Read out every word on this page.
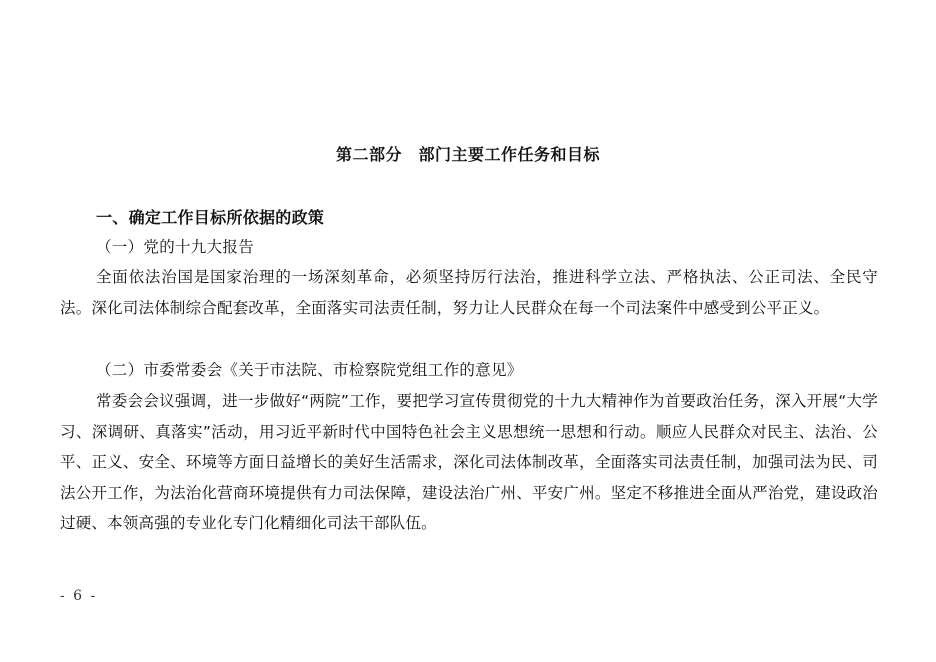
第二部分　部门主要工作任务和目标
一、确定工作目标所依据的政策
（一）党的十九大报告

全面依法治国是国家治理的一场深刻革命，必须坚持厉行法治，推进科学立法、严格执法、公正司法、全民守法。深化司法体制综合配套改革，全面落实司法责任制，努力让人民群众在每一个司法案件中感受到公平正义。

（二）市委常委会《关于市法院、市检察院党组工作的意见》

常委会会议强调，进一步做好“两院”工作，要把学习宣传贯彻党的十九大精神作为首要政治任务，深入开展“大学习、深调研、真落实”活动，用习近平新时代中国特色社会主义思想统一思想和行动。顺应人民群众对民主、法治、公平、正义、安全、环境等方面日益增长的美好生活需求，深化司法体制改革，全面落实司法责任制，加强司法为民、司法公开工作，为法治化营商环境提供有力司法保障，建设法治广州、平安广州。坚定不移推进全面从严治党，建设政治过硬、本领高强的专业化专门化精细化司法干部队伍。

- 6 -
